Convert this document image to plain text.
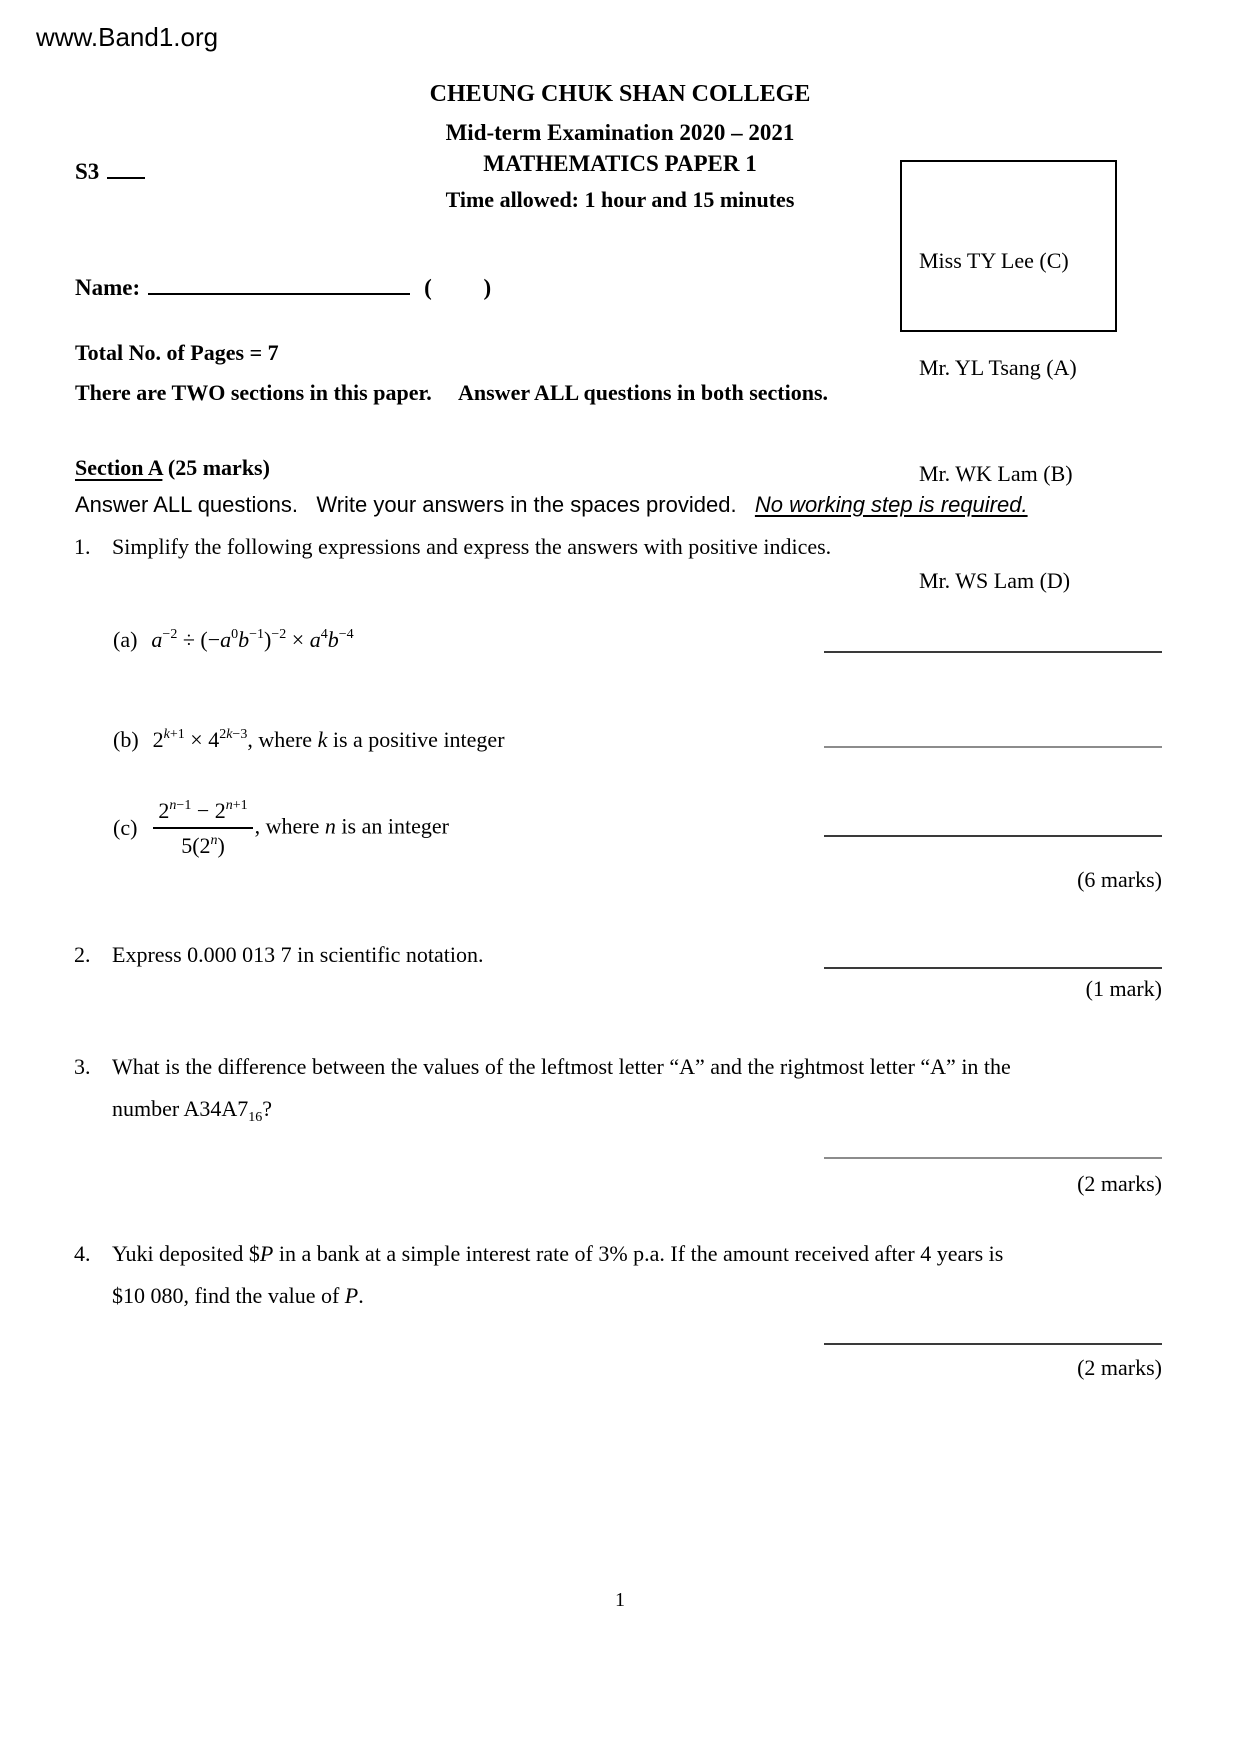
www.Band1.org
CHEUNG CHUK SHAN COLLEGE
Mid-term Examination 2020 – 2021
MATHEMATICS PAPER 1
Time allowed: 1 hour and 15 minutes
S3

Miss TY Lee (C)

Mr. YL Tsang (A)

Mr. WK Lam (B)

Mr. WS Lam (D)

Name:	(         )
Total No. of Pages = 7
There are TWO sections in this paper.     Answer ALL questions in both sections.
Section A (25 marks)
Answer ALL questions.   Write your answers in the spaces provided.   No working step is required.
1. Simplify the following expressions and express the answers with positive indices.
(a) $a^{-2} \div (-a^0b^{-1})^{-2} \times a^4b^{-4}$
(b) $2^{k+1} \times 4^{2k-3}$, where k is a positive integer
$(c) \frac{2^{n-1} - 2^{n+1}}{5(2^n)}$ , where n is an integer
(6 marks)
2. Express 0.000 013 7 in scientific notation.
(1 mark)
3. What is the difference between the values of the leftmost letter “A” and the rightmost letter “A” in the
number $A34A7_{16}$?
(2 marks)
4. Yuki deposited $P in a bank at a simple interest rate of 3% p.a. If the amount received after 4 years is
$10 080, find the value of P.
(2 marks)
1
